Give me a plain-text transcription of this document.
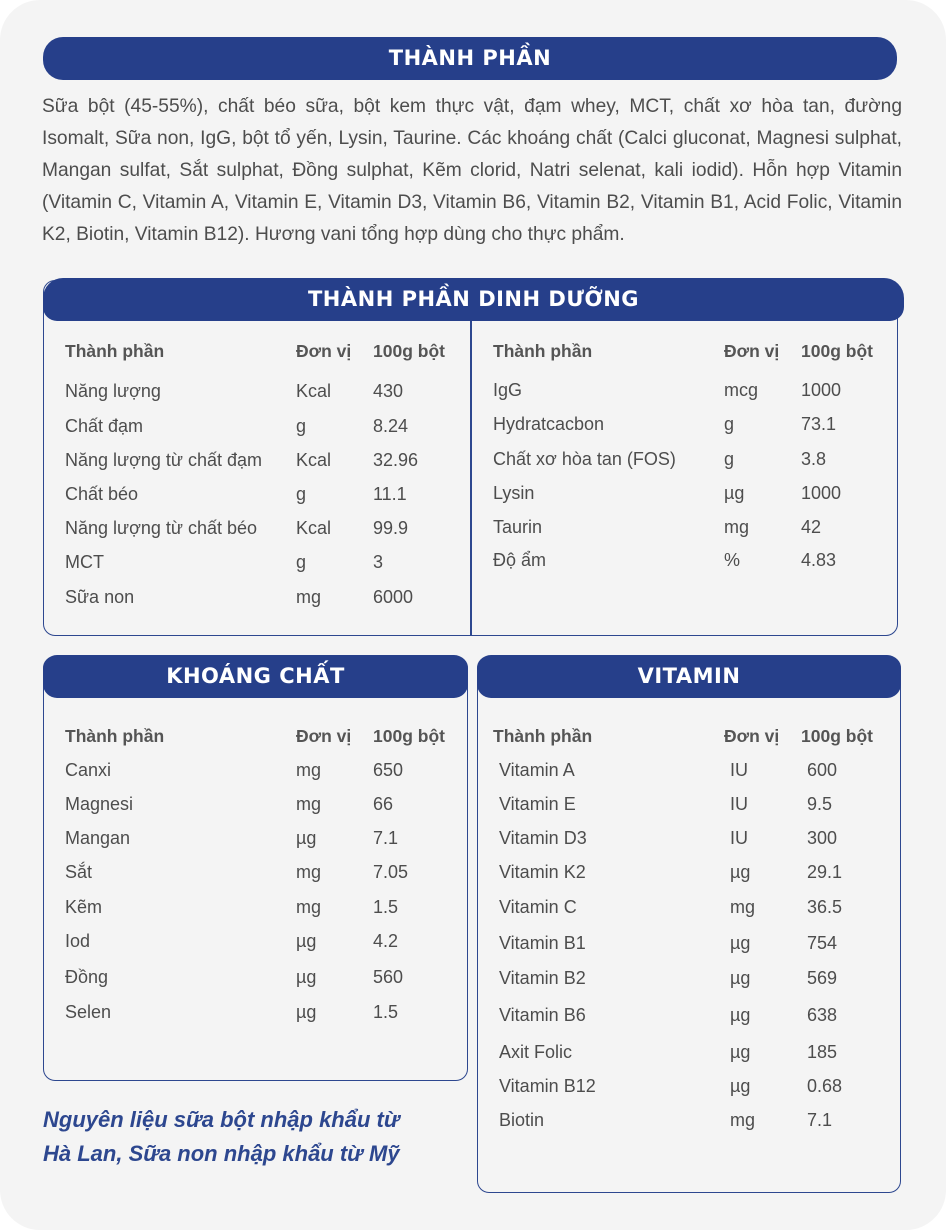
THÀNH PHẦN
Sữa bột (45-55%), chất béo sữa, bột kem thực vật, đạm whey, MCT, chất xơ hòa tan, đường Isomalt, Sữa non, IgG, bột tổ yến, Lysin, Taurine. Các khoáng chất (Calci gluconat, Magnesi sulphat, Mangan sulfat, Sắt sulphat, Đồng sulphat, Kẽm clorid, Natri selenat, kali iodid). Hỗn hợp Vitamin (Vitamin C, Vitamin A, Vitamin E, Vitamin D3, Vitamin B6, Vitamin B2, Vitamin B1, Acid Folic, Vitamin K2, Biotin, Vitamin B12). Hương vani tổng hợp dùng cho thực phẩm.
THÀNH PHẦN DINH DƯỠNG
Thành phần	Đơn vị 100g bột
Năng lượng	Kcal 430
Chất đạm	g	8.24
Năng lượng từ chất đạm Kcal 32.96
Chất béo	g	11.1
Năng lượng từ chất béo Kcal 99.9
MCT	g	3
Sữa non	mg	6000
Thành phần	Đơn vị 100g bột
IgG	mcg 1000
Hydratcacbon	g	73.1
Chất xơ hòa tan (FOS)	g	3.8
Lysin	µg	1000
Taurin	mg	42
Độ ẩm	%	4.83
KHOÁNG CHẤT
Thành phần	Đơn vị 100g bột
Canxi	mg	650
Magnesi	mg	66
Mangan	µg	7.1
Sắt	mg	7.05
Kẽm	mg	1.5
Iod	µg	4.2
Đồng	µg	560
Selen	µg	1.5
VITAMIN
Thành phần	Đơn vị 100g bột
Vitamin A	IU	600
Vitamin E	IU	9.5
Vitamin D3	IU	300
Vitamin K2	µg	29.1
Vitamin C	mg	36.5
Vitamin B1	µg	754
Vitamin B2	µg	569
Vitamin B6	µg	638
Axit Folic	µg	185
Vitamin B12	µg	0.68
Biotin	mg	7.1
Nguyên liệu sữa bột nhập khẩu từ
Hà Lan, Sữa non nhập khẩu từ Mỹ
